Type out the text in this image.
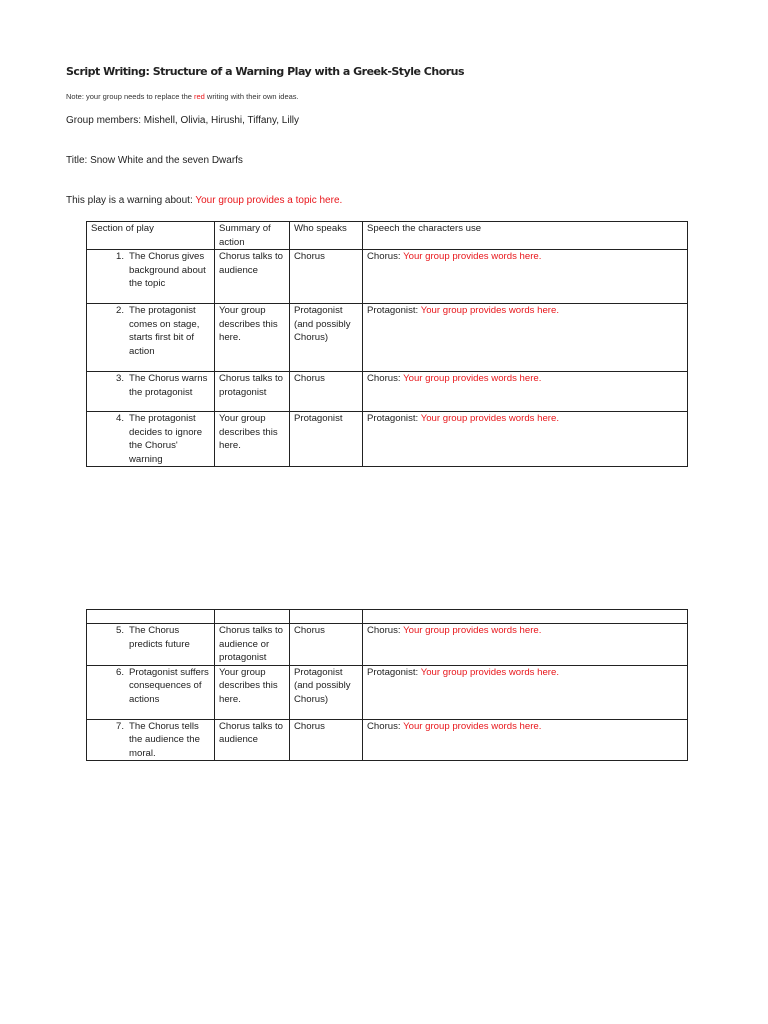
Script Writing: Structure of a Warning Play with a Greek-Style Chorus
Note: your group needs to replace the red writing with their own ideas.
Group members: Mishell, Olivia, Hirushi, Tiffany, Lilly
Title: Snow White and the seven Dwarfs
This play is a warning about: Your group provides a topic here.
Section of play	Summary of action	Who speaks	Speech the characters use

1. The Chorus gives background about the topic	Chorus talks to audience	Chorus	Chorus: Your group provides words here.

2. The protagonist comes on stage, starts first bit of action	Your group describes this here.	Protagonist (and possibly Chorus)	Protagonist: Your group provides words here.

3. The Chorus warns the protagonist	Chorus talks to protagonist	Chorus	Chorus: Your group provides words here.

4. The protagonist decides to ignore the Chorus' warning	Your group describes this here.	Protagonist	Protagonist: Your group provides words here.

5. The Chorus predicts future	Chorus talks to audience or protagonist	Chorus	Chorus: Your group provides words here.

6. Protagonist suffers consequences of actions	Your group describes this here.	Protagonist (and possibly Chorus)	Protagonist: Your group provides words here.

7. The Chorus tells the audience the moral.	Chorus talks to audience	Chorus	Chorus: Your group provides words here.
